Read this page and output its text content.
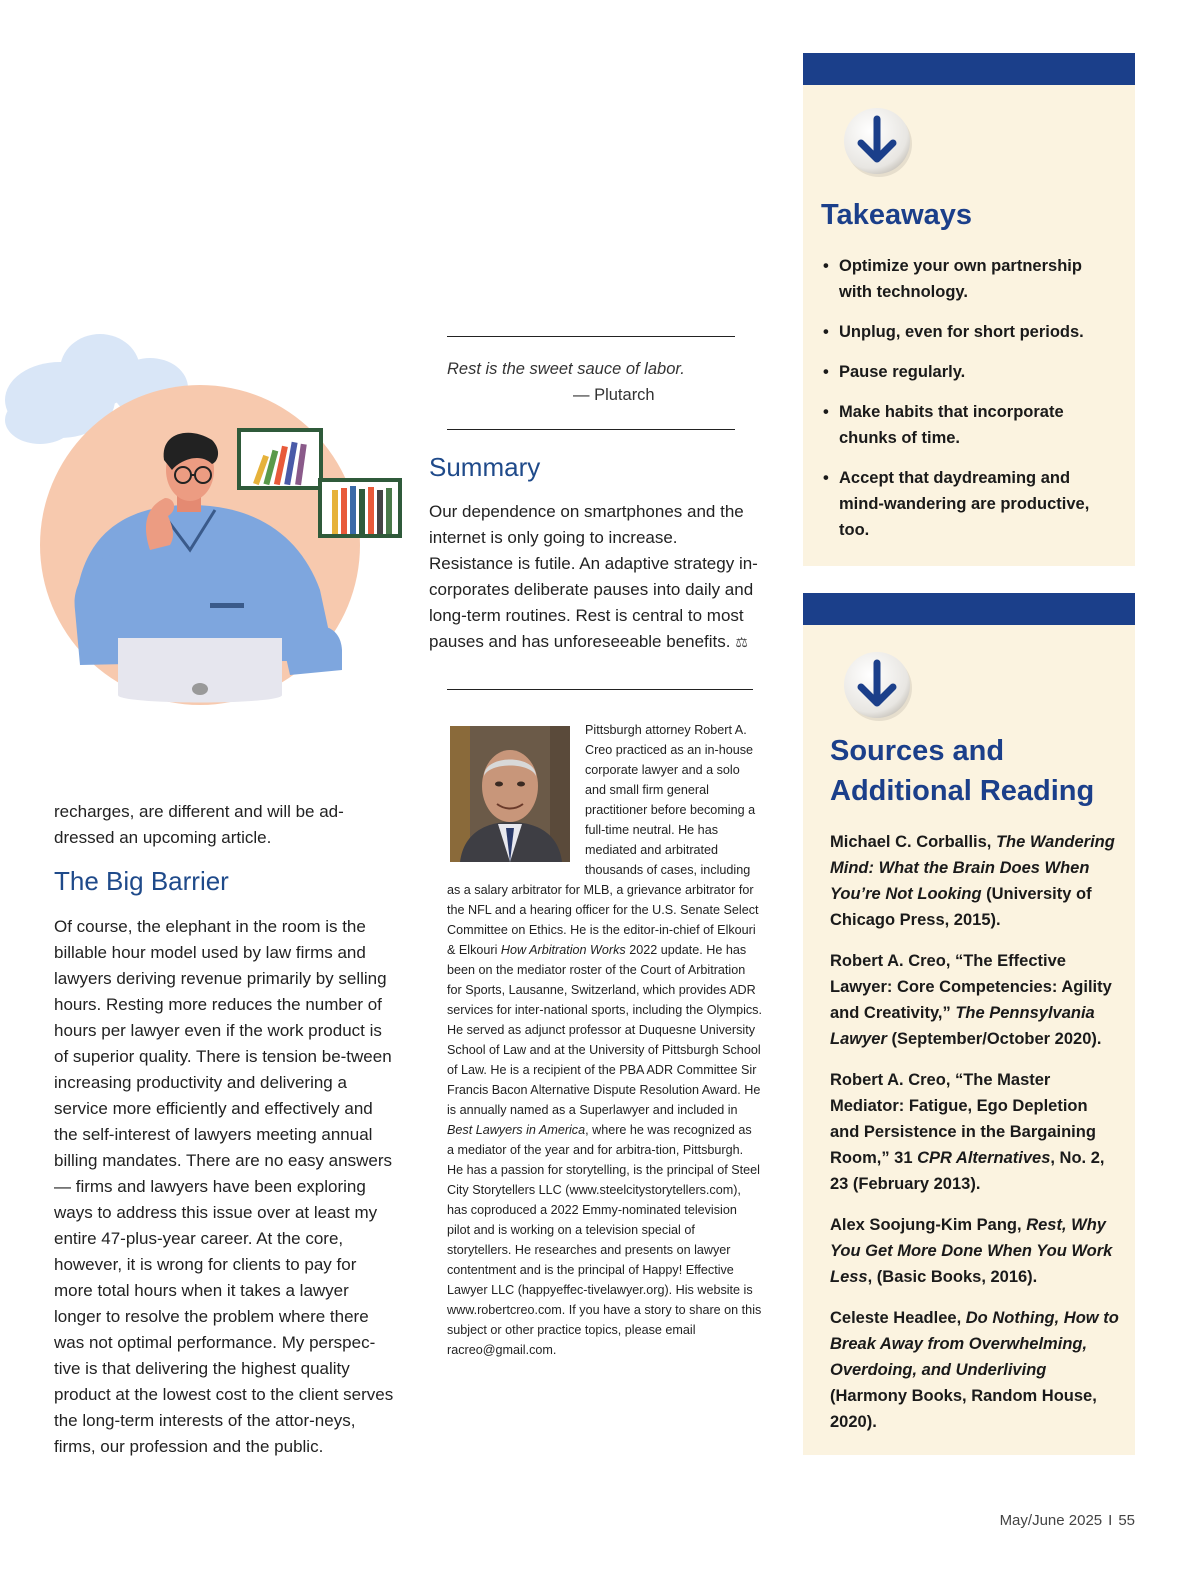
recharges, are different and will be ad-dressed an upcoming article.

The Big Barrier

Of course, the elephant in the room is the billable hour model used by law firms and lawyers deriving revenue primarily by selling hours. Resting more reduces the number of hours per lawyer even if the work product is of superior quality. There is tension be-tween increasing productivity and delivering a service more efficiently and effectively and the self-interest of lawyers meeting annual billing mandates. There are no easy answers — firms and lawyers have been exploring ways to address this issue over at least my entire 47-plus-year career. At the core, however, it is wrong for clients to pay for more total hours when it takes a lawyer longer to resolve the problem where there was not optimal performance. My perspec-tive is that delivering the highest quality product at the lowest cost to the client serves the long-term interests of the attor-neys, firms, our profession and the public.

Rest is the sweet sauce of labor.

— Plutarch

Summary

Our dependence on smartphones and the internet is only going to increase. Resistance is futile. An adaptive strategy in-corporates deliberate pauses into daily and long-term routines. Rest is central to most pauses and has unforeseeable benefits. ⚖

Pittsburgh attorney Robert A. Creo practiced as an in-house corporate lawyer and a solo and small firm general practitioner before becoming a full-time neutral. He has mediated and arbitrated thousands of cases, including as a salary arbitrator for MLB, a grievance arbitrator for the NFL and a hearing officer for the U.S. Senate Select Committee on Ethics. He is the editor-in-chief of Elkouri & Elkouri How Arbitration Works 2022 update. He has been on the mediator roster of the Court of Arbitration for Sports, Lausanne, Switzerland, which provides ADR services for inter-national sports, including the Olympics. He served as adjunct professor at Duquesne University School of Law and at the University of Pittsburgh School of Law. He is a recipient of the PBA ADR Committee Sir Francis Bacon Alternative Dispute Resolution Award. He is annually named as a Superlawyer and included in Best Lawyers in America, where he was recognized as a mediator of the year and for arbitra-tion, Pittsburgh. He has a passion for storytelling, is the principal of Steel City Storytellers LLC (www.steelcitystorytellers.com), has coproduced a 2022 Emmy-nominated television pilot and is working on a television special of storytellers. He researches and presents on lawyer contentment and is the principal of Happy! Effective Lawyer LLC (happyeffec-tivelawyer.org). His website is www.robertcreo.com. If you have a story to share on this subject or other practice topics, please email racreo@gmail.com.
Takeaways
• Optimize your own partnership with technology.
• Unplug, even for short periods.
• Pause regularly.
• Make habits that incorporate chunks of time.
• Accept that daydreaming and mind-wandering are productive, too.
Sources and Additional Reading

Michael C. Corballis, The Wandering Mind: What the Brain Does When You’re Not Looking (University of Chicago Press, 2015).

Robert A. Creo, “The Effective Lawyer: Core Competencies: Agility and Creativity,” The Pennsylvania Lawyer (September/October 2020).

Robert A. Creo, “The Master Mediator: Fatigue, Ego Depletion and Persistence in the Bargaining Room,” 31 CPR Alternatives, No. 2, 23 (February 2013).

Alex Soojung-Kim Pang, Rest, Why You Get More Done When You Work Less, (Basic Books, 2016).

Celeste Headlee, Do Nothing, How to Break Away from Overwhelming, Overdoing, and Underliving (Harmony Books, Random House, 2020).

May/June 2025 I 55
